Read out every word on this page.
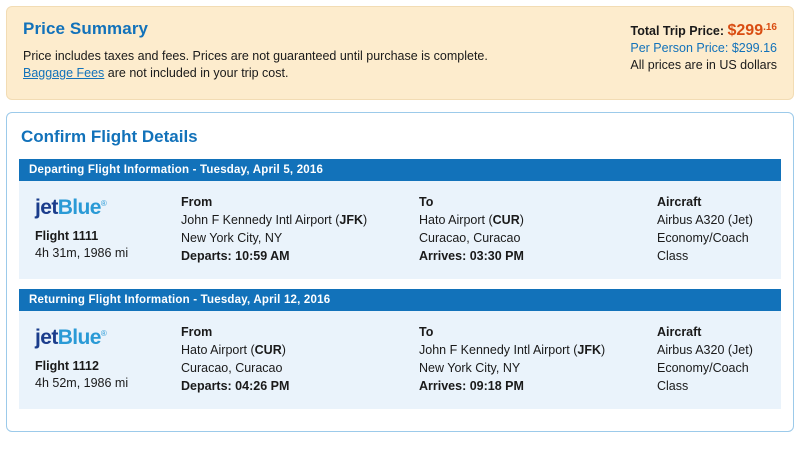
Price Summary
Price includes taxes and fees. Prices are not guaranteed until purchase is complete.
Baggage Fees are not included in your trip cost.
Total Trip Price: $\$299^{.16}$
Per Person Price: $299.16
All prices are in US dollars
Confirm Flight Details
Departing Flight Information - Tuesday, April 5, 2016
jetBlue®
Flight 1111
4h 31m, 1986 mi
From
John F Kennedy Intl Airport (JFK)
New York City, NY
Departs: 10:59 AM
To
Hato Airport (CUR)
Curacao, Curacao
Arrives: 03:30 PM
Aircraft
Airbus A320 (Jet)
Economy/Coach
Class
Returning Flight Information - Tuesday, April 12, 2016
jetBlue®
Flight 1112
4h 52m, 1986 mi
From
Hato Airport (CUR)
Curacao, Curacao
Departs: 04:26 PM
To
John F Kennedy Intl Airport (JFK)
New York City, NY
Arrives: 09:18 PM
Aircraft
Airbus A320 (Jet)
Economy/Coach
Class
